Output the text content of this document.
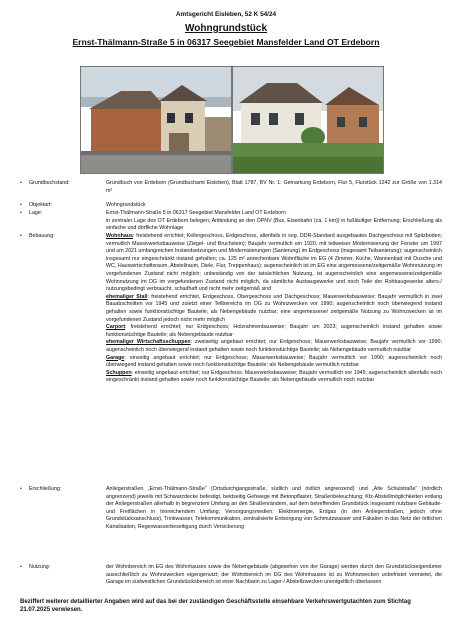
Amtsgericht Eisleben, 52 K 54/24
Wohngrundstück
Ernst-Thälmann-Straße 5 in 06317 Seegebiet Mansfelder Land OT Erdeborn
• Grundbuchstand:	Grundbuch von Erdeborn (Grundbuchamt Eisleben), Blatt 1787, BV Nr. 1: Gemarkung Erdeborn, Flur 5, Flurstück 1242 zur Größe von 1.314 m²

• Objektart:	Wohngrundstück

• Lage:	Ernst-Thälmann-Straße 5 in 06317 Seegebiet Mansfelder Land OT Erdeborn

in zentraler Lage des OT Erdeborn belegen; Anbindung an den ÖPNV (Bus, Eisenbahn (ca. 1 km)) in fußläufiger Entfernung; Erschließung als einfache und dörfliche Wohnlage

• Bebauung:	Wohnhaus: freistehend errichtet; Kellergeschoss, Erdgeschoss, allenfalls in sog. DDR-Standard ausgebautes Dachgeschoss mit Spitzboden; vermutlich Massivwerksbauweise (Ziegel- und Bruchstein); Baujahr vermutlich um 1920, mit teilweiser Modernisierung der Fenster um 1997 und um 2021 umfangreichen Instandsetzungen und Modernisierungen (Sanierung) im Erdgeschoss (insgesamt Teilsanierung); augenscheinlich insgesamt nur eingeschränkt instand gehalten; ca. 125 m² anrechenbare Wohnfläche im EG (4 Zimmer, Küche, Wannenbad mit Dusche und WC, Hauswirtschaftsraum, Abstellraum, Diele, Flur, Treppenhaus); augenscheinlich ist im EG eine angemessene/zeitgemäße Wohnnutzung im vorgefundenen Zustand nicht möglich; unbeständig von der tatsächlichen Nutzung, ist augenscheinlich eine angemessene/zeitgemäße Wohnnutzung im DG im vorgefundenen Zustand nicht möglich, da sämtliche Ausbaugewerke und noch Teile der Rohbaugewerke alters-/ nutzungsbedingt verbraucht, schadhaft und nicht mehr zeitgemäß sind

ehemaliger Stall: freistehend errichtet, Erdgeschoss, Obergeschoss und Dachgeschoss; Mauerwerksbauweise; Baujahr vermutlich in zwei Bauabschnitten vor 1945 und zuletzt einer Teilbereichs im OG zu Wohnzwecken vor 1990; augenscheinlich noch überwiegend instand gehalten sowie funktionstüchtige Bauteile; als Nebengebäude nutzbar; eine angemessene/ zeitgemäße Nutzung zu Wohnzwecken ist im vorgefundenen Zustand jedoch nicht mehr möglich

Carport: freistehend errichtet; nur Erdgeschoss; Holzrahmenbauweise; Baujahr um 2023; augenscheinlich instand gehalten sowie funktionstüchtige Bauteile; als Nebengebäude nutzbar

ehemaliger Wirtschaftsschuppen: zweiseitig angebaut errichtet; nur Erdgeschoss; Mauerwerksbauweise; Baujahr vermutlich vor 1990; augenscheinlich noch überwiegend instand gehalten sowie noch funktionstüchtige Bauteile; als Nebengebäude vermutlich nutzbar

Garage: einseitig angebaut errichtet; nur Erdgeschoss; Mauerwerksbauweise; Baujahr vermutlich vor 1990; augenscheinlich noch überwiegend instand gehalten sowie noch funktionstüchtige Bauteile; als Nebengebäude vermutlich nutzbar

Schuppen: einseitig angebaut errichtet; nur Erdgeschoss; Mauerwerksbauweise; Baujahr vermutlich vor 1945; augenscheinlich allenfalls noch eingeschränkt instand gehalten sowie noch funktionstüchtige Bauteile; als Nebengebäude vermutlich noch nutzbar

• Erschließung:	Anliegerstraßen „Ernst-Thälmann-Straße“ (Ortsdurchgangsstraße, südlich und östlich angrenzend) und „Alte Schulstraße“ (nördlich angrenzend) jeweils mit Schwarzdecke befestigt, beidseitig Gehwege mit Betonpflaster, Straßenbeleuchtung; Kfz-Abstellmöglichkeiten entlang der Anliegerstraßen allerhalb in begrenztem Umfang an den Straßenrändern, auf dem betreffenden Grundstück insgesamt nutzbare Gebäude- und Freiflächen in hinreichendem Umfang; Versorgungsmedien: Elektroenergie, Erdgas (in den Anliegerstraßen, jedoch ohne Grundstücksanschluss), Trinkwasser, Telekommunikation, zentralisierte Entsorgung von Schmutzwasser und Fäkalien in das Netz der örtlichen Kanalisation, Regenwasserbeseitigung durch Versickerung

• Nutzung:	der Wohnbereich im EG des Wohnhauses sowie die Nebengebäude (abgesehen von der Garage) werden durch den Grundstückseigentümer ausschließlich zu Wohnzwecken eigengenutzt; der Wohnbereich im DG des Wohnhauses ist zu Wohnzwecken unbefristet vermietet, die Garage im südwestlichen Grundstücksbereich ist einer Nachbarin zu Lager-/ Abstellzwecken unentgeltlich überlassen

Beziffert weiterer detaillierter Angaben wird auf das bei der zuständigen Geschäftsstelle einsehbare Verkehrswertgutachten zum Stichtag 21.07.2025 verwiesen.
